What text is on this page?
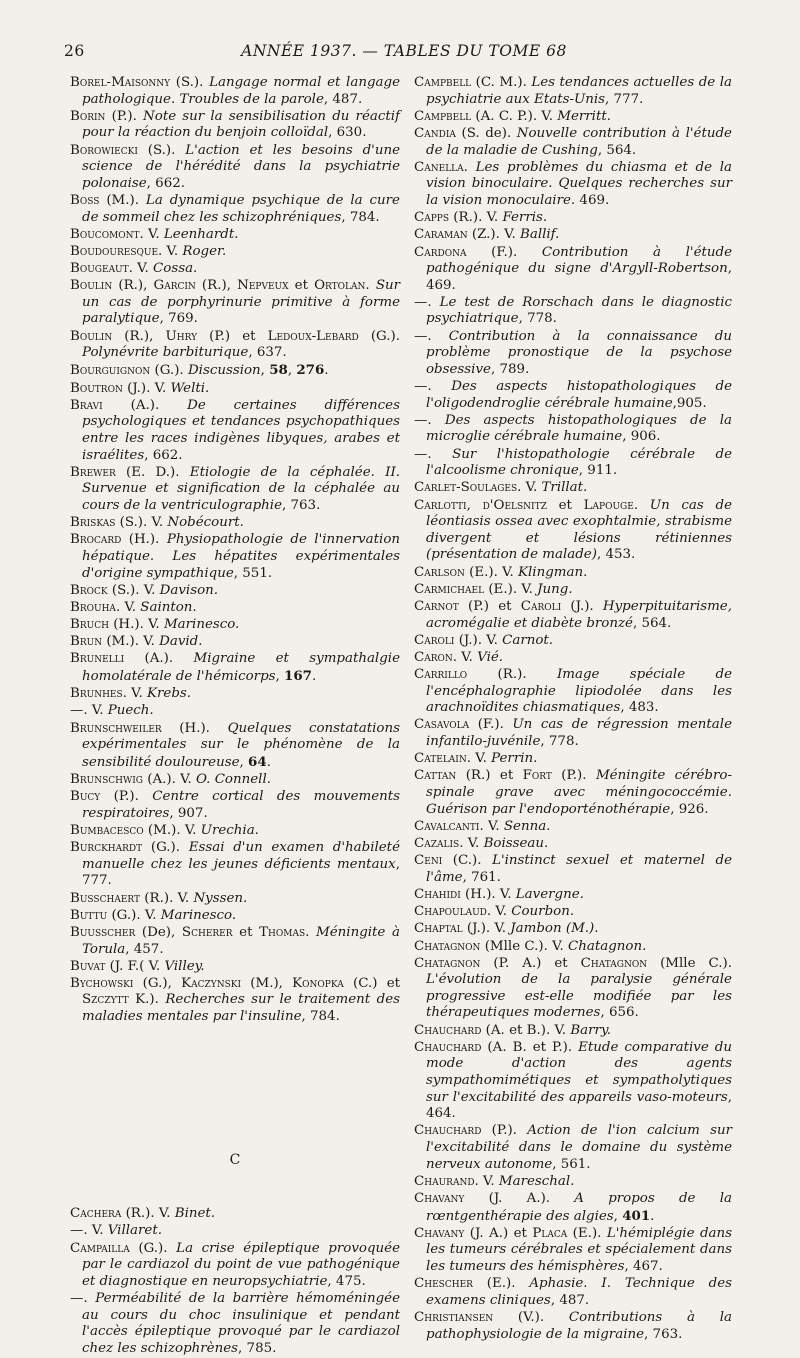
26	ANNÉE 1937. — TABLES DU TOME 68
Borel-Maisonny (S.). Langage normal et langage pathologique. Troubles de la parole, 487.
Borin (P.). Note sur la sensibilisation du réactif pour la réaction du benjoin colloïdal, 630.
Borowiecki (S.). L'action et les besoins d'une science de l'hérédité dans la psychiatrie polonaise, 662.
Boss (M.). La dynamique psychique de la cure de sommeil chez les schizophréniques, 784.
Boucomont. V. Leenhardt.
Boudouresque. V. Roger.
Bougeaut. V. Cossa.
Boulin (R.), Garcin (R.), Nepveux et Ortolan. Sur un cas de porphyrinurie primitive à forme paralytique, 769.
Boulin (R.), Uhry (P.) et Ledoux-Lebard (G.). Polynévrite barbiturique, 637.
Bourguignon (G.). Discussion, 58, 276.
Boutron (J.). V. Welti.
Bravi (A.). De certaines différences psychologiques et tendances psychopathiques entre les races indigènes libyques, arabes et israélites, 662.
Brewer (E. D.). Etiologie de la céphalée. II. Survenue et signification de la céphalée au cours de la ventriculographie, 763.
Briskas (S.). V. Nobécourt.
Brocard (H.). Physiopathologie de l'innervation hépatique. Les hépatites expérimentales d'origine sympathique, 551.
Brock (S.). V. Davison.
Brouha. V. Sainton.
Bruch (H.). V. Marinesco.
Brun (M.). V. David.
Brunelli (A.). Migraine et sympathalgie homolatérale de l'hémicorps, 167.
Brunhes. V. Krebs.
—. V. Puech.
Brunschweiler (H.). Quelques constatations expérimentales sur le phénomène de la sensibilité douloureuse, 64.
Brunschwig (A.). V. O. Connell.
Bucy (P.). Centre cortical des mouvements respiratoires, 907.
Bumbacesco (M.). V. Urechia.
Burckhardt (G.). Essai d'un examen d'habileté manuelle chez les jeunes déficients mentaux, 777.
Busschaert (R.). V. Nyssen.
Buttu (G.). V. Marinesco.
Buusscher (De), Scherer et Thomas. Méningite à Torula, 457.
Buvat (J. F.( V. Villey.
Bychowski (G.), Kaczynski (M.), Konopka (C.) et Szczytt K.). Recherches sur le traitement des maladies mentales par l'insuline, 784.
C
Cachera (R.). V. Binet.
—. V. Villaret.
Campailla (G.). La crise épileptique provoquée par le cardiazol du point de vue pathogénique et diagnostique en neuropsychiatrie, 475.
—. Perméabilité de la barrière hémoméningée au cours du choc insulinique et pendant l'accès épileptique provoqué par le cardiazol chez les schizophrènes, 785.
Campbell (C. M.). Les tendances actuelles de la psychiatrie aux Etats-Unis, 777.
Campbell (A. C. P.). V. Merritt.
Candia (S. de). Nouvelle contribution à l'étude de la maladie de Cushing, 564.
Canella. Les problèmes du chiasma et de la vision binoculaire. Quelques recherches sur la vision monoculaire. 469.
Capps (R.). V. Ferris.
Caraman (Z.). V. Ballif.
Cardona (F.). Contribution à l'étude pathogénique du signe d'Argyll-Robertson, 469.
—. Le test de Rorschach dans le diagnostic psychiatrique, 778.
—. Contribution à la connaissance du problème pronostique de la psychose obsessive, 789.
—. Des aspects histopathologiques de l'oligodendroglie cérébrale humaine,905.
—. Des aspects histopathologiques de la microglie cérébrale humaine, 906.
—. Sur l'histopathologie cérébrale de l'alcoolisme chronique, 911.
Carlet-Soulages. V. Trillat.
Carlotti, d'Oelsnitz et Lapouge. Un cas de léontiasis ossea avec exophtalmie, strabisme divergent et lésions rétiniennes (présentation de malade), 453.
Carlson (E.). V. Klingman.
Carmichael (E.). V. Jung.
Carnot (P.) et Caroli (J.). Hyperpituitarisme, acromégalie et diabète bronzé, 564.
Caroli (J.). V. Carnot.
Caron. V. Vié.
Carrillo (R.). Image spéciale de l'encéphalographie lipiodolée dans les arachnoïdites chiasmatiques, 483.
Casavola (F.). Un cas de régression mentale infantilo-juvénile, 778.
Catelain. V. Perrin.
Cattan (R.) et Fort (P.). Méningite cérébro-spinale grave avec méningococcémie. Guérison par l'endoporténothérapie, 926.
Cavalcanti. V. Senna.
Cazalis. V. Boisseau.
Ceni (C.). L'instinct sexuel et maternel de l'âme, 761.
Chahidi (H.). V. Lavergne.
Chapoulaud. V. Courbon.
Chaptal (J.). V. Jambon (M.).
Chatagnon (Mlle C.). V. Chatagnon.
Chatagnon (P. A.) et Chatagnon (Mlle C.). L'évolution de la paralysie générale progressive est-elle modifiée par les thérapeutiques modernes, 656.
Chauchard (A. et B.). V. Barry.
Chauchard (A. B. et P.). Etude comparative du mode d'action des agents sympathomimétiques et sympatholytiques sur l'excitabilité des appareils vaso-moteurs, 464.
Chauchard (P.). Action de l'ion calcium sur l'excitabilité dans le domaine du système nerveux autonome, 561.
Chaurand. V. Mareschal.
Chavany (J. A.). A propos de la rœntgenthérapie des algies, 401.
Chavany (J. A.) et Placa (E.). L'hémiplégie dans les tumeurs cérébrales et spécialement dans les tumeurs des hémisphères, 467.
Chescher (E.). Aphasie. I. Technique des examens cliniques, 487.
Christiansen (V.). Contributions à la pathophysiologie de la migraine, 763.
